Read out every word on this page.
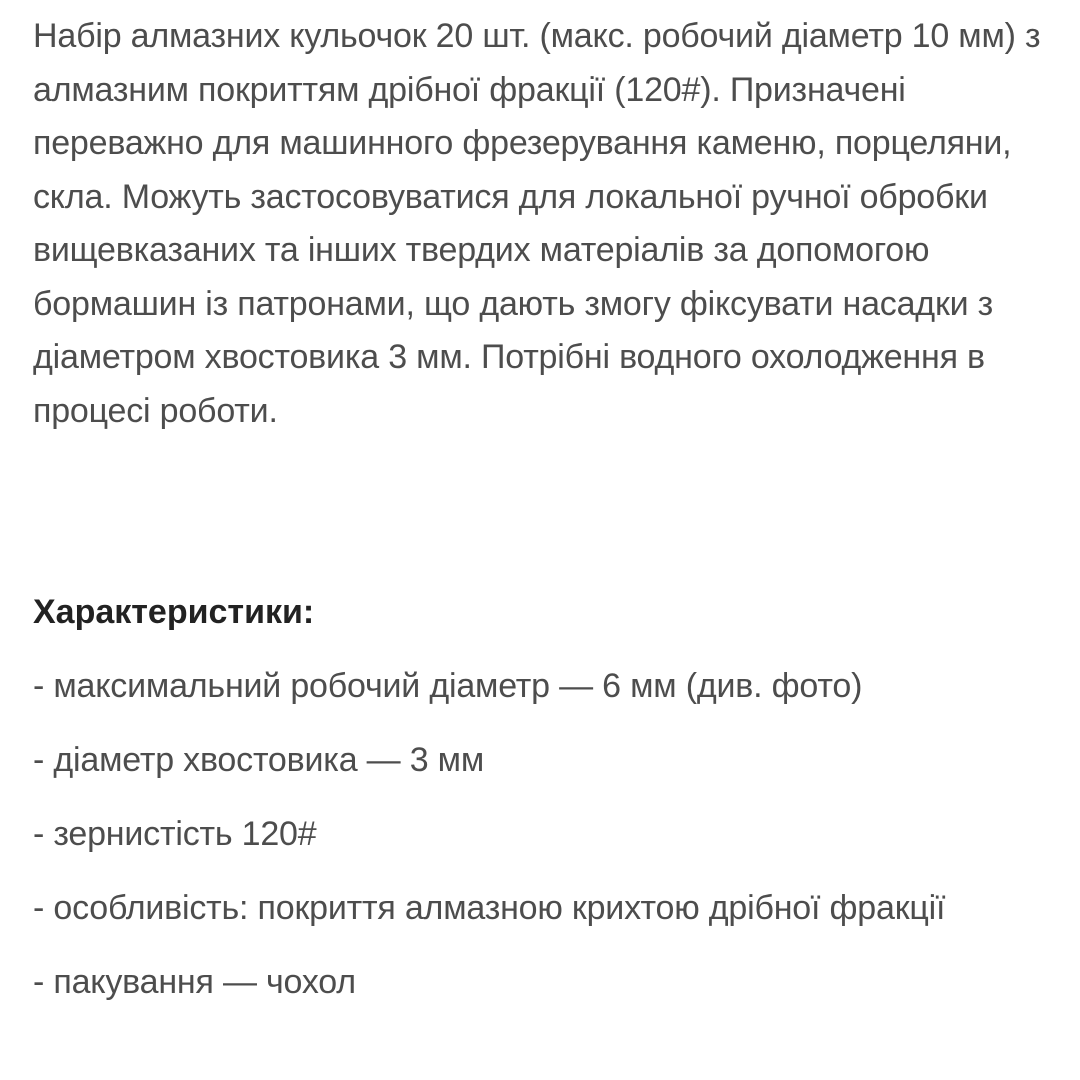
Набір алмазних кульочок 20 шт. (макс. робочий діаметр 10 мм) з алмазним покриттям дрібної фракції (120#). Призначені переважно для машинного фрезерування каменю, порцеляни, скла. Можуть застосовуватися для локальної ручної обробки вищевказаних та інших твердих матеріалів за допомогою бормашин із патронами, що дають змогу фіксувати насадки з діаметром хвостовика 3 мм. Потрібні водного охолодження в процесі роботи.

Характеристики:
- максимальний робочий діаметр — 6 мм (див. фото)
- діаметр хвостовика — 3 мм
- зернистість 120#
- особливість: покриття алмазною крихтою дрібної фракції
- пакування — чохол
